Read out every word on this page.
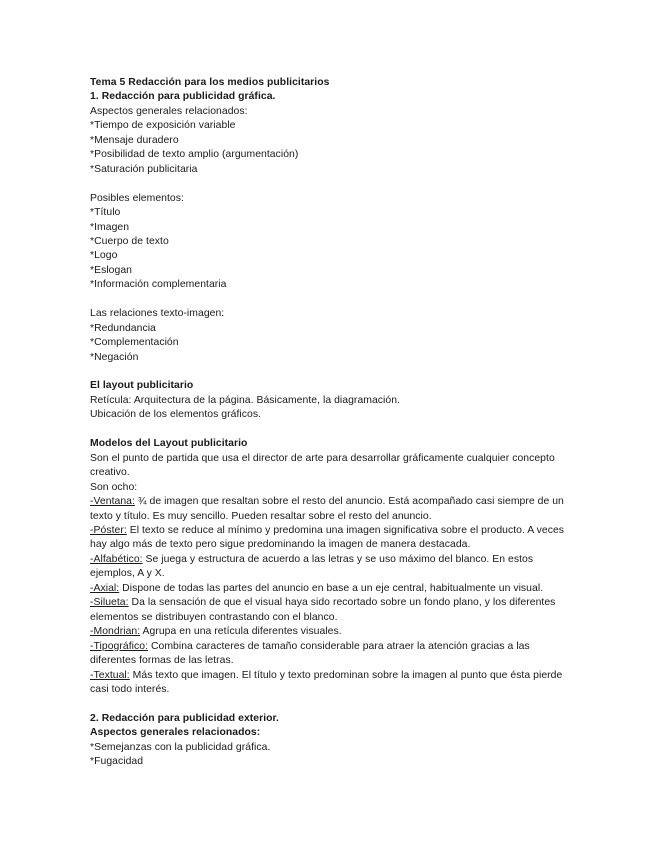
Tema 5 Redacción para los medios publicitarios
1. Redacción para publicidad gráfica.
Aspectos generales relacionados:
*Tiempo de exposición variable
*Mensaje duradero
*Posibilidad de texto amplio (argumentación)
*Saturación publicitaria
Posibles elementos:
*Título
*Imagen
*Cuerpo de texto
*Logo
*Eslogan
*Información complementaria
Las relaciones texto-imagen:
*Redundancia
*Complementación
*Negación
El layout publicitario
Retícula: Arquitectura de la página. Básicamente, la diagramación.
Ubicación de los elementos gráficos.
Modelos del Layout publicitario
Son el punto de partida que usa el director de arte para desarrollar gráficamente cualquier concepto creativo.
Son ocho:
-Ventana: ¾ de imagen que resaltan sobre el resto del anuncio. Está acompañado casi siempre de un texto y título. Es muy sencillo. Pueden resaltar sobre el resto del anuncio.
-Póster: El texto se reduce al mínimo y predomina una imagen significativa sobre el producto. A veces hay algo más de texto pero sigue predominando la imagen de manera destacada.
-Alfabético: Se juega y estructura de acuerdo a las letras y se uso máximo del blanco. En estos ejemplos, A y X.
-Axial: Dispone de todas las partes del anuncio en base a un eje central, habitualmente un visual.
-Silueta: Da la sensación de que el visual haya sido recortado sobre un fondo plano, y los diferentes elementos se distribuyen contrastando con el blanco.
-Mondrian: Agrupa en una retícula diferentes visuales.
-Tipográfico: Combina caracteres de tamaño considerable para atraer la atención gracias a las diferentes formas de las letras.
-Textual: Más texto que imagen. El título y texto predominan sobre la imagen al punto que ésta pierde casi todo interés.
2. Redacción para publicidad exterior.
Aspectos generales relacionados:
*Semejanzas con la publicidad gráfica.
*Fugacidad
